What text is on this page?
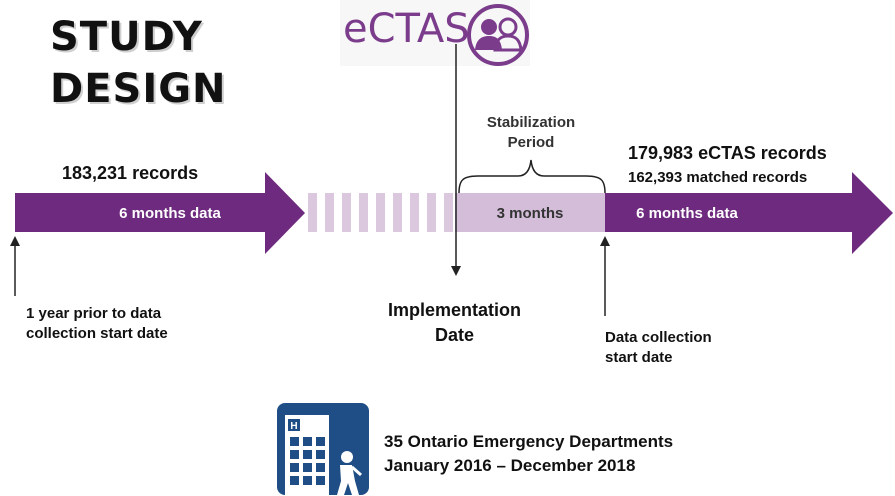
STUDY
DESIGN
eCTAS
183,231 records
6 months data
Stabilization Period
3 months
179,983 eCTAS records
162,393 matched records
6 months data
1 year prior to data collection start date
Implementation Date	Data collection start date
H
35 Ontario Emergency Departments
January 2016 – December 2018
